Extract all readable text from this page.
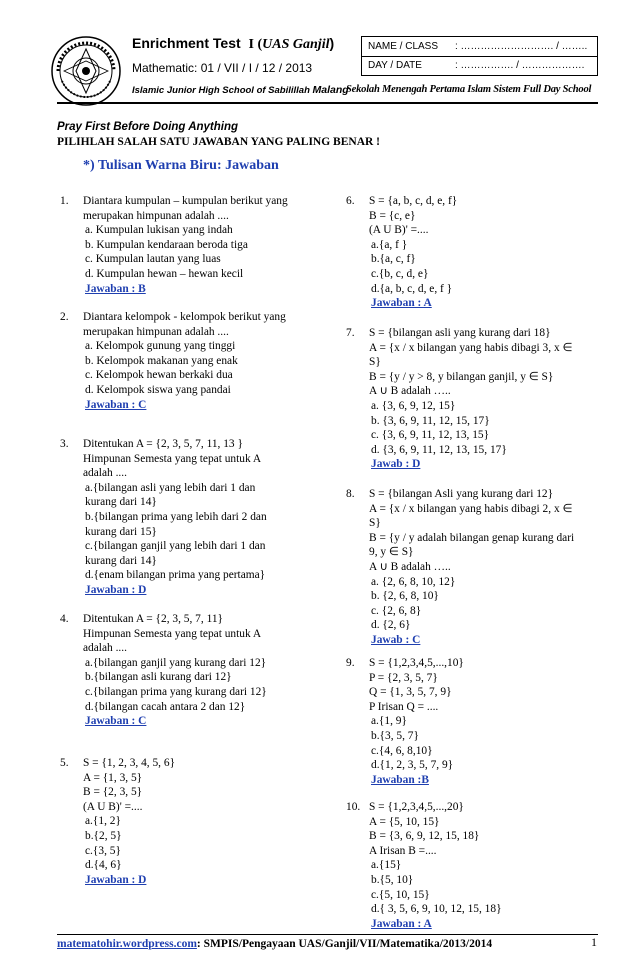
Enrichment Test I (UAS Ganjil)
Mathematic: 01 / VII / I / 12 / 2013
Islamic Junior High School of Sabilillah Malang
NAME / CLASS : ………………………. / ……..
DAY / DATE	: ……………. / ……………….
Sekolah Menengah Pertama Islam Sistem Full Day School
Pray First Before Doing Anything
PILIHLAH SALAH SATU JAWABAN YANG PALING BENAR !
*) Tulisan Warna Biru: Jawaban
1. Diantara kumpulan – kumpulan berikut yang
merupakan himpunan adalah ....
a. Kumpulan lukisan yang indah
b. Kumpulan kendaraan beroda tiga
c. Kumpulan lautan yang luas
d. Kumpulan hewan – hewan kecil
Jawaban : B
2. Diantara kelompok - kelompok berikut yang
merupakan himpunan adalah ....
a. Kelompok gunung yang tinggi
b. Kelompok makanan yang enak
c. Kelompok hewan berkaki dua
d. Kelompok siswa yang pandai
Jawaban : C
3. Ditentukan A = {2, 3, 5, 7, 11, 13 }
Himpunan Semesta yang tepat untuk A
adalah ....
a.{bilangan asli yang lebih dari 1 dan
kurang dari 14}
b.{bilangan prima yang lebih dari 2 dan
kurang dari 15}
c.{bilangan ganjil yang lebih dari 1 dan
kurang dari 14}
d.{enam bilangan prima yang pertama}
Jawaban : D
4. Ditentukan A = {2, 3, 5, 7, 11}
Himpunan Semesta yang tepat untuk A
adalah ....
a.{bilangan ganjil yang kurang dari 12}
b.{bilangan asli kurang dari 12}
c.{bilangan prima yang kurang dari 12}
d.{bilangan cacah antara 2 dan 12}
Jawaban : C
5. S = {1, 2, 3, 4, 5, 6}
A = {1, 3, 5}
B = {2, 3, 5}
(A U B)' =....
a.{1, 2}
b.{2, 5}
c.{3, 5}
d.{4, 6}
Jawaban : D
6. S = {a, b, c, d, e, f}
B = {c, e}
(A U B)' =....
a.{a, f }
b.{a, c, f}
c.{b, c, d, e}
d.{a, b, c, d, e, f }
Jawaban : A
7. S = {bilangan asli yang kurang dari 18}
A = {x / x bilangan yang habis dibagi 3, x ∈
S}
B = {y / y > 8, y bilangan ganjil, y ∈ S}
A ∪ B adalah …..
a. {3, 6, 9, 12, 15}
b. {3, 6, 9, 11, 12, 15, 17}
c. {3, 6, 9, 11, 12, 13, 15}
d. {3, 6, 9, 11, 12, 13, 15, 17}
Jawab : D
8. S = {bilangan Asli yang kurang dari 12}
A = {x / x bilangan yang habis dibagi 2, x ∈
S}
B = {y / y adalah bilangan genap kurang dari
9, y ∈ S}
A ∪ B adalah …..
a. {2, 6, 8, 10, 12}
b. {2, 6, 8, 10}
c. {2, 6, 8}
d. {2, 6}
Jawab : C
9. S = {1,2,3,4,5,...,10}
P = {2, 3, 5, 7}
Q = {1, 3, 5, 7, 9}
P Irisan Q = ....
a.{1, 9}
b.{3, 5, 7}
c.{4, 6, 8,10}
d.{1, 2, 3, 5, 7, 9}
Jawaban :B
10. S = {1,2,3,4,5,...,20}
A = {5, 10, 15}
B = {3, 6, 9, 12, 15, 18}
A Irisan B =....
a.{15}
b.{5, 10}
c.{5, 10, 15}
d.{ 3, 5, 6, 9, 10, 12, 15, 18}
Jawaban : A
matematohir.wordpress.com: SMPIS/Pengayaan UAS/Ganjil/VII/Matematika/2013/2014	1
